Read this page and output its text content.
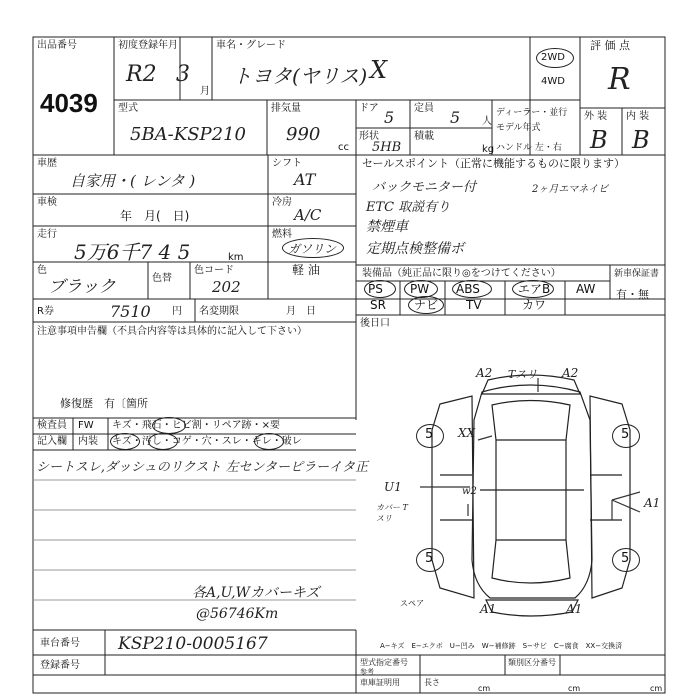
出品番号
4039
初度登録年月
R2 3
月
車名・グレード
トヨタ(ヤリス) X	2WD
4WD
評 価 点
R
型式
5BA-KSP210
排気量
990
cc
ドア 5 定員 5 人
形状
5HB
積載
kg
ディーラー・並行
モデル年式
ハンドル 左・右
外 装 内 装
B B
車歴
自家用・( レンタ )
シフト
AT
車検
年　月(　日)
冷房
A/C
走行
5万6千7 4 5	km
燃料
ガソリン
軽 油
色
ブラック	色替
色コード
202
R券	7510 円 名変期限	月　日
セールスポイント（正常に機能するものに限ります）
バックモニター付	2ヶ月エマネイビ
ETC 取説有り
禁煙車
定期点検整備ボ
装備品（純正品に限り◎をつけてください）	新車保証書
PS PW ABS	エアB AW
SR ナビ TV	カワ
有・無
後日口
注意事項申告欄（不具合内容等は具体的に記入して下さい）
修復歴　有〔箇所
検査員 FW キズ・飛石・ヒビ割・リペア跡・×要
記入欄 内装 キズ・汚し・コゲ・穴・スレ・キレ・破レ
シートスレ,ダッシュのリクスト 左センターピラーイタ正
A2 Tスリ A2
5	5
5	5
XX
U1	w2
カバー Tスリ
A1
スペア	A1	A1
各A,U,Wカバーキズ
@56746Km
車台番号 KSP210-0005167	A−キズ　E−エクボ　U−凹み　W−補修跡　S−サビ　C−腐食　XX−交換済
登録番号	型式指定番号
参考
類別区分番号
車庫証明用	長さ
cm	cm	cm
